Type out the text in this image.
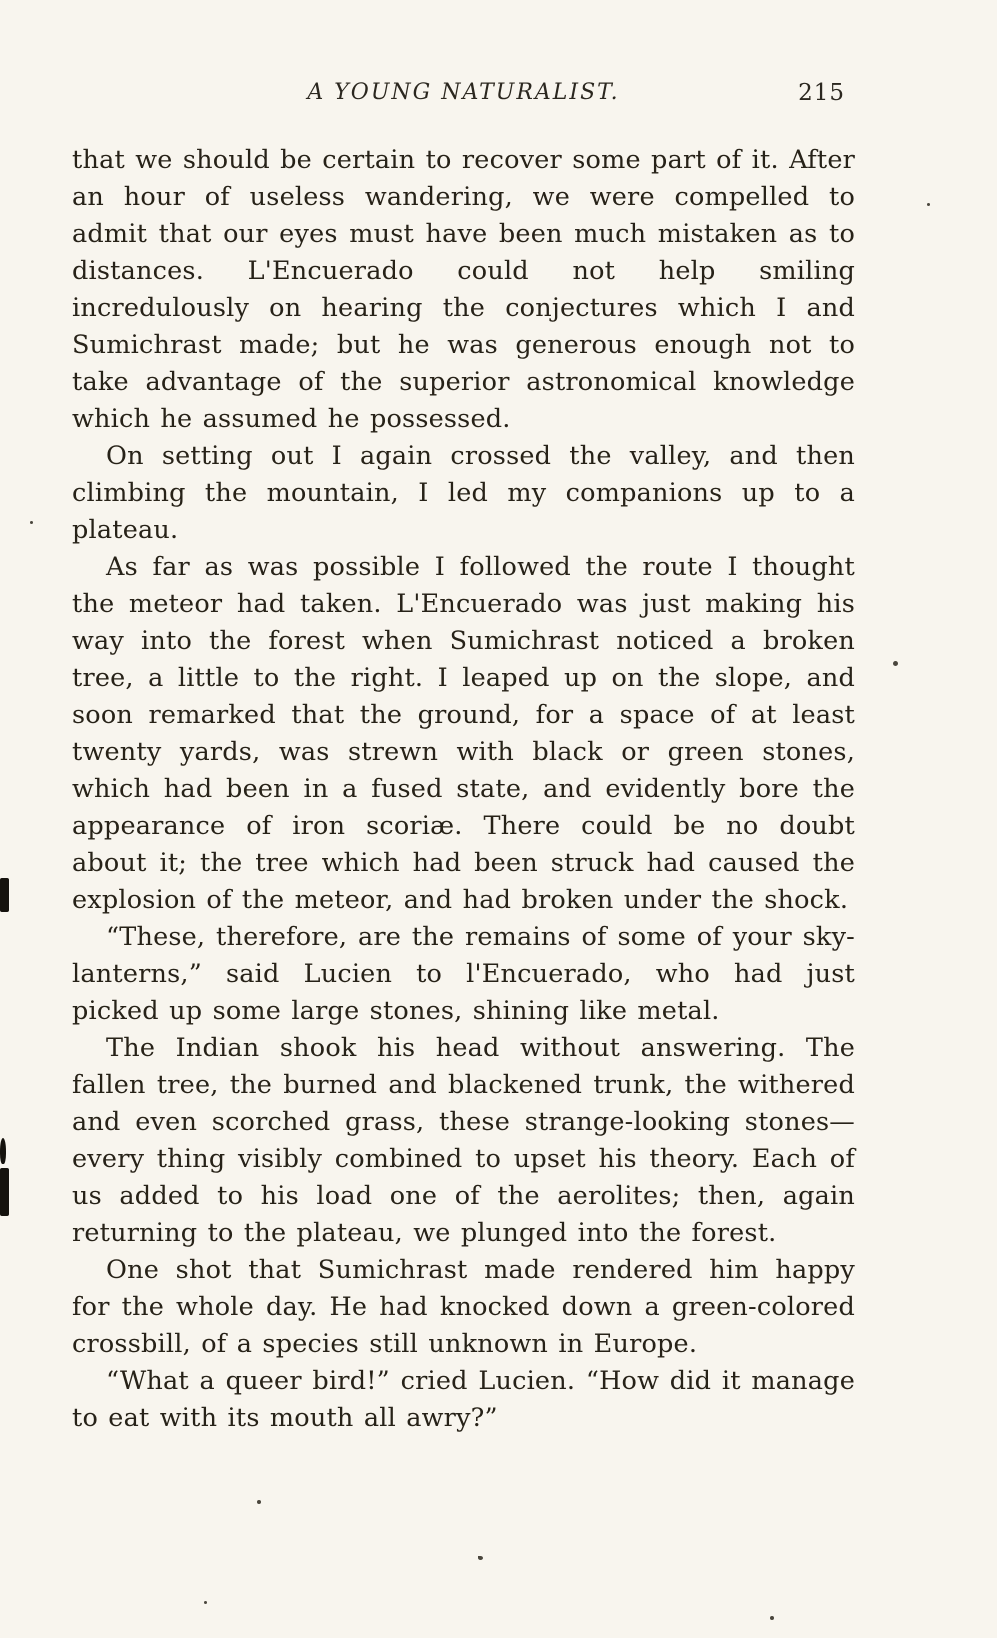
A YOUNG NATURALIST.	215

that we should be certain to recover some part of it. After an hour of useless wandering, we were compelled to admit that our eyes must have been much mistaken as to distances. L'Encuerado could not help smiling incredulously on hearing the conjectures which I and Sumichrast made; but he was generous enough not to take advantage of the superior astronomical knowledge which he assumed he possessed.

On setting out I again crossed the valley, and then climbing the mountain, I led my companions up to a plateau.

As far as was possible I followed the route I thought the meteor had taken. L'Encuerado was just making his way into the forest when Sumichrast noticed a broken tree, a little to the right. I leaped up on the slope, and soon remarked that the ground, for a space of at least twenty yards, was strewn with black or green stones, which had been in a fused state, and evidently bore the appearance of iron scoriæ. There could be no doubt about it; the tree which had been struck had caused the explosion of the meteor, and had broken under the shock.

“These, therefore, are the remains of some of your sky-lanterns,” said Lucien to l'Encuerado, who had just picked up some large stones, shining like metal.

The Indian shook his head without answering. The fallen tree, the burned and blackened trunk, the withered and even scorched grass, these strange-looking stones—every thing visibly combined to upset his theory. Each of us added to his load one of the aerolites; then, again returning to the plateau, we plunged into the forest.

One shot that Sumichrast made rendered him happy for the whole day. He had knocked down a green-colored crossbill, of a species still unknown in Europe.

“What a queer bird!” cried Lucien. “How did it manage to eat with its mouth all awry?”
